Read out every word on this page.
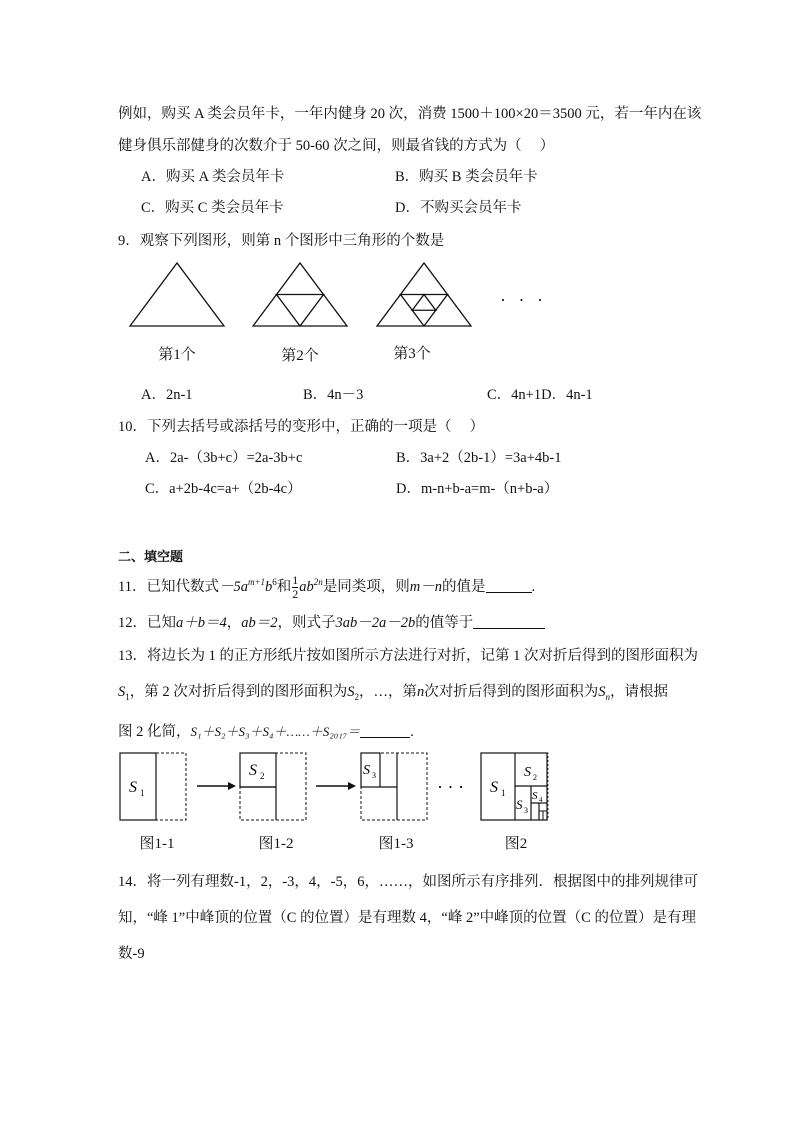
例如，购买 A 类会员年卡，一年内健身 20 次，消费 1500＋100×20＝3500 元，若一年内在该
健身俱乐部健身的次数介于 50-60 次之间，则最省钱的方式为（　 ）
A．购买 A 类会员年卡	B．购买 B 类会员年卡
C．购买 C 类会员年卡	D．不购买会员年卡
9．观察下列图形，则第 n 个图形中三角形的个数是
· · ·
第1个	第2个	第3个
A．2n-1	B．4n－3	C．4n+1D．4n-1
10．下列去括号或添括号的变形中，正确的一项是（　 ）
A．2a-（3b+c）=2a-3b+c	B．3a+2（2b-1）=3a+4b-1
C．a+2b-4c=a+（2b-4c）	D．m-n+b-a=m-（n+b-a）
二、填空题
11．已知代数式$-5a^{m+1}b^6$和 $\frac{1}{2} ab^{2n}$是同类项，则m－n的值是	.
12．已知a＋b＝4，ab＝2，则式子3ab－2a－2b的值等于
13．将边长为 1 的正方形纸片按如图所示方法进行对折，记第 1 次对折后得到的图形面积为
$S_1$，第 2 次对折后得到的图形面积为$S_2$，…，第n次对折后得到的图形面积为$S_n$，请根据
图 2 化简，S₁＋S₂＋S₃＋S₄＋……＋S₂₀₁₇＝	.
S 1
S 2	S 3
· · · S 1
S 2
S 3
S 4
图1-1	图1-2	图1-3	图2
14．将一列有理数-1，2，-3，4，-5，6，……，如图所示有序排列．根据图中的排列规律可
知，“峰 1”中峰顶的位置（C 的位置）是有理数 4，“峰 2”中峰顶的位置（C 的位置）是有理
数-9
